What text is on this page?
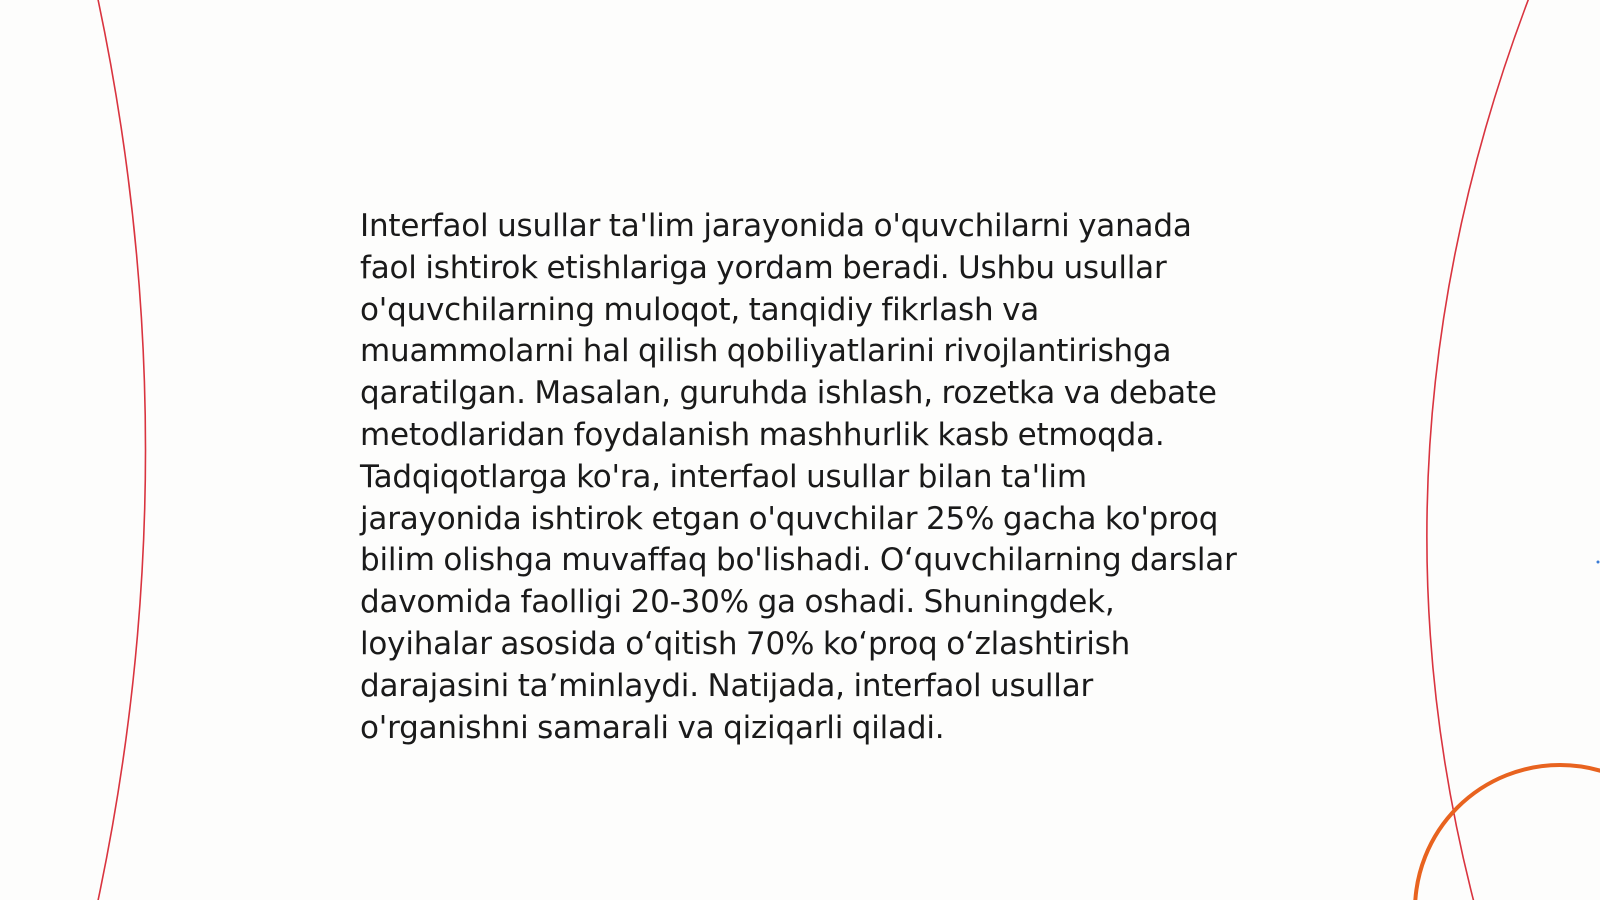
Interfaol usullar ta'lim jarayonida o'quvchilarni yanada faol ishtirok etishlariga yordam beradi. Ushbu usullar o'quvchilarning muloqot, tanqidiy fikrlash va muammolarni hal qilish qobiliyatlarini rivojlantirishga qaratilgan. Masalan, guruhda ishlash, rozetka va debate metodlaridan foydalanish mashhurlik kasb etmoqda. Tadqiqotlarga ko'ra, interfaol usullar bilan ta'lim jarayonida ishtirok etgan o'quvchilar 25% gacha ko'proq bilim olishga muvaffaq bo'lishadi. O‘quvchilarning darslar davomida faolligi 20-30% ga oshadi. Shuningdek, loyihalar asosida o‘qitish 70% ko‘proq o‘zlashtirish darajasini ta’minlaydi. Natijada, interfaol usullar o'rganishni samarali va qiziqarli qiladi.
